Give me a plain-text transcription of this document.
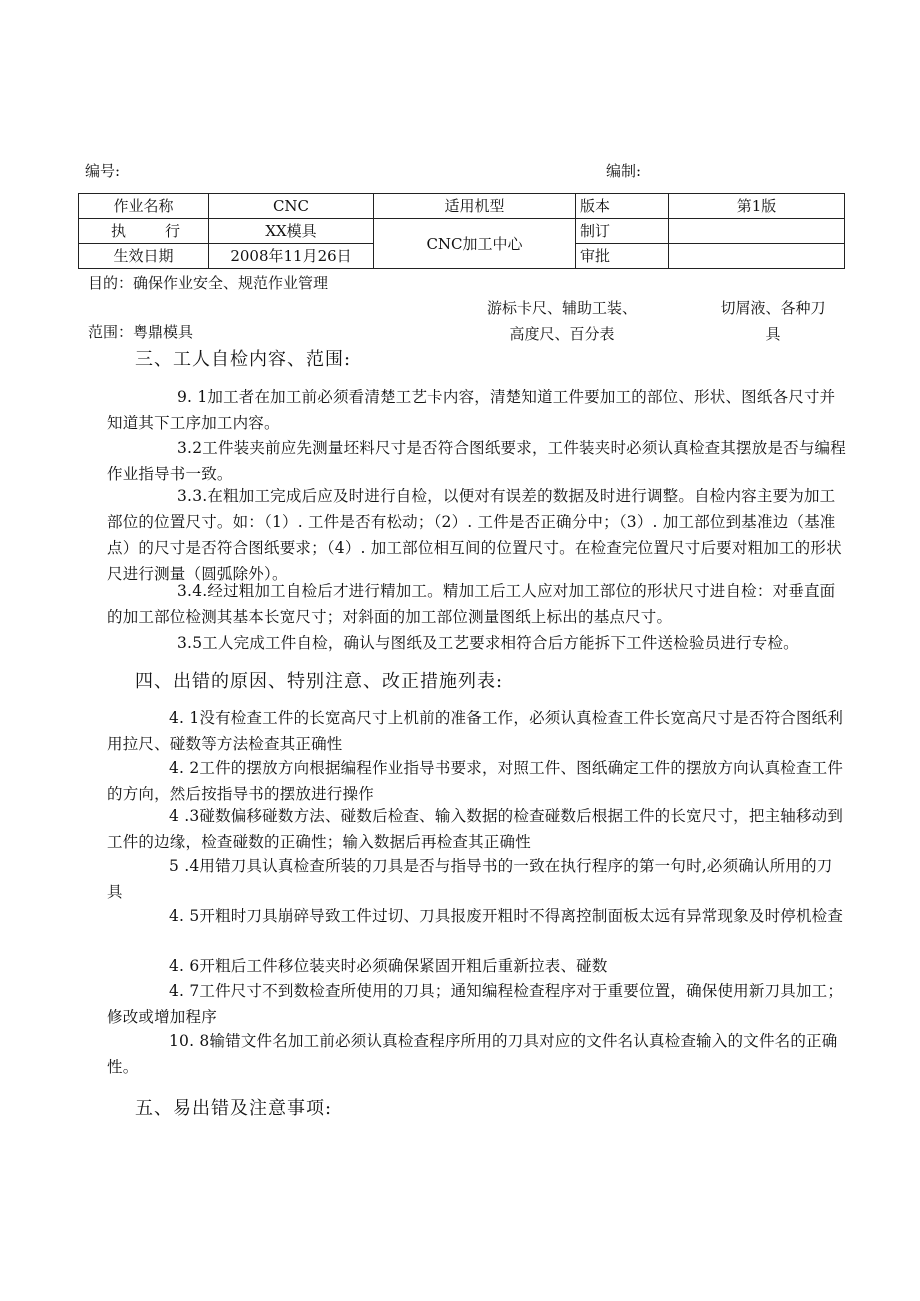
编号:	编制:
作业名称	CNC	适用机型	版本	第1版

执 行	XX模具	CNC加工中心	制订	
生效日期	2008年11月26日		审批	
目的：确保作业安全、规范作业管理
游标卡尺、辅助工装、
高度尺、百分表
切屑液、各种刀
具
范围：粤鼎模具
三、工人自检内容、范围:
9. 1加工者在加工前必须看清楚工艺卡内容，清楚知道工件要加工的部位、形状、图纸各尺寸并知道其下工序加工内容。
3.2工件装夹前应先测量坯料尺寸是否符合图纸要求，工件装夹时必须认真检查其摆放是否与编程作业指导书一致。
3.3.在粗加工完成后应及时进行自检，以便对有误差的数据及时进行调整。自检内容主要为加工部位的位置尺寸。如：（1）. 工件是否有松动；（2）. 工件是否正确分中；（3）. 加工部位到基准边（基准点）的尺寸是否符合图纸要求；（4）. 加工部位相互间的位置尺寸。在检查完位置尺寸后要对粗加工的形状尺进行测量（圆弧除外）。
3.4.经过粗加工自检后才进行精加工。精加工后工人应对加工部位的形状尺寸进自检：对垂直面的加工部位检测其基本长宽尺寸；对斜面的加工部位测量图纸上标出的基点尺寸。
3.5工人完成工件自检，确认与图纸及工艺要求相符合后方能拆下工件送检验员进行专检。
四、出错的原因、特别注意、改正措施列表:
4. 1没有检查工件的长宽高尺寸上机前的准备工作，必须认真检查工件长宽高尺寸是否符合图纸利用拉尺、碰数等方法检查其正确性
4. 2工件的摆放方向根据编程作业指导书要求，对照工件、图纸确定工件的摆放方向认真检查工件的方向，然后按指导书的摆放进行操作
4 .3碰数偏移碰数方法、碰数后检查、输入数据的检查碰数后根据工件的长宽尺寸，把主轴移动到工件的边缘，检查碰数的正确性；输入数据后再检查其正确性
5 .4用错刀具认真检查所装的刀具是否与指导书的一致在执行程序的第一句时,必须确认所用的刀具
4. 5开粗时刀具崩碎导致工件过切、刀具报废开粗时不得离控制面板太远有异常现象及时停机检查
4. 6开粗后工件移位装夹时必须确保紧固开粗后重新拉表、碰数
4. 7工件尺寸不到数检查所使用的刀具；通知编程检查程序对于重要位置，确保使用新刀具加工；修改或增加程序
10. 8输错文件名加工前必须认真检查程序所用的刀具对应的文件名认真检查输入的文件名的正确性。
五、易出错及注意事项:
